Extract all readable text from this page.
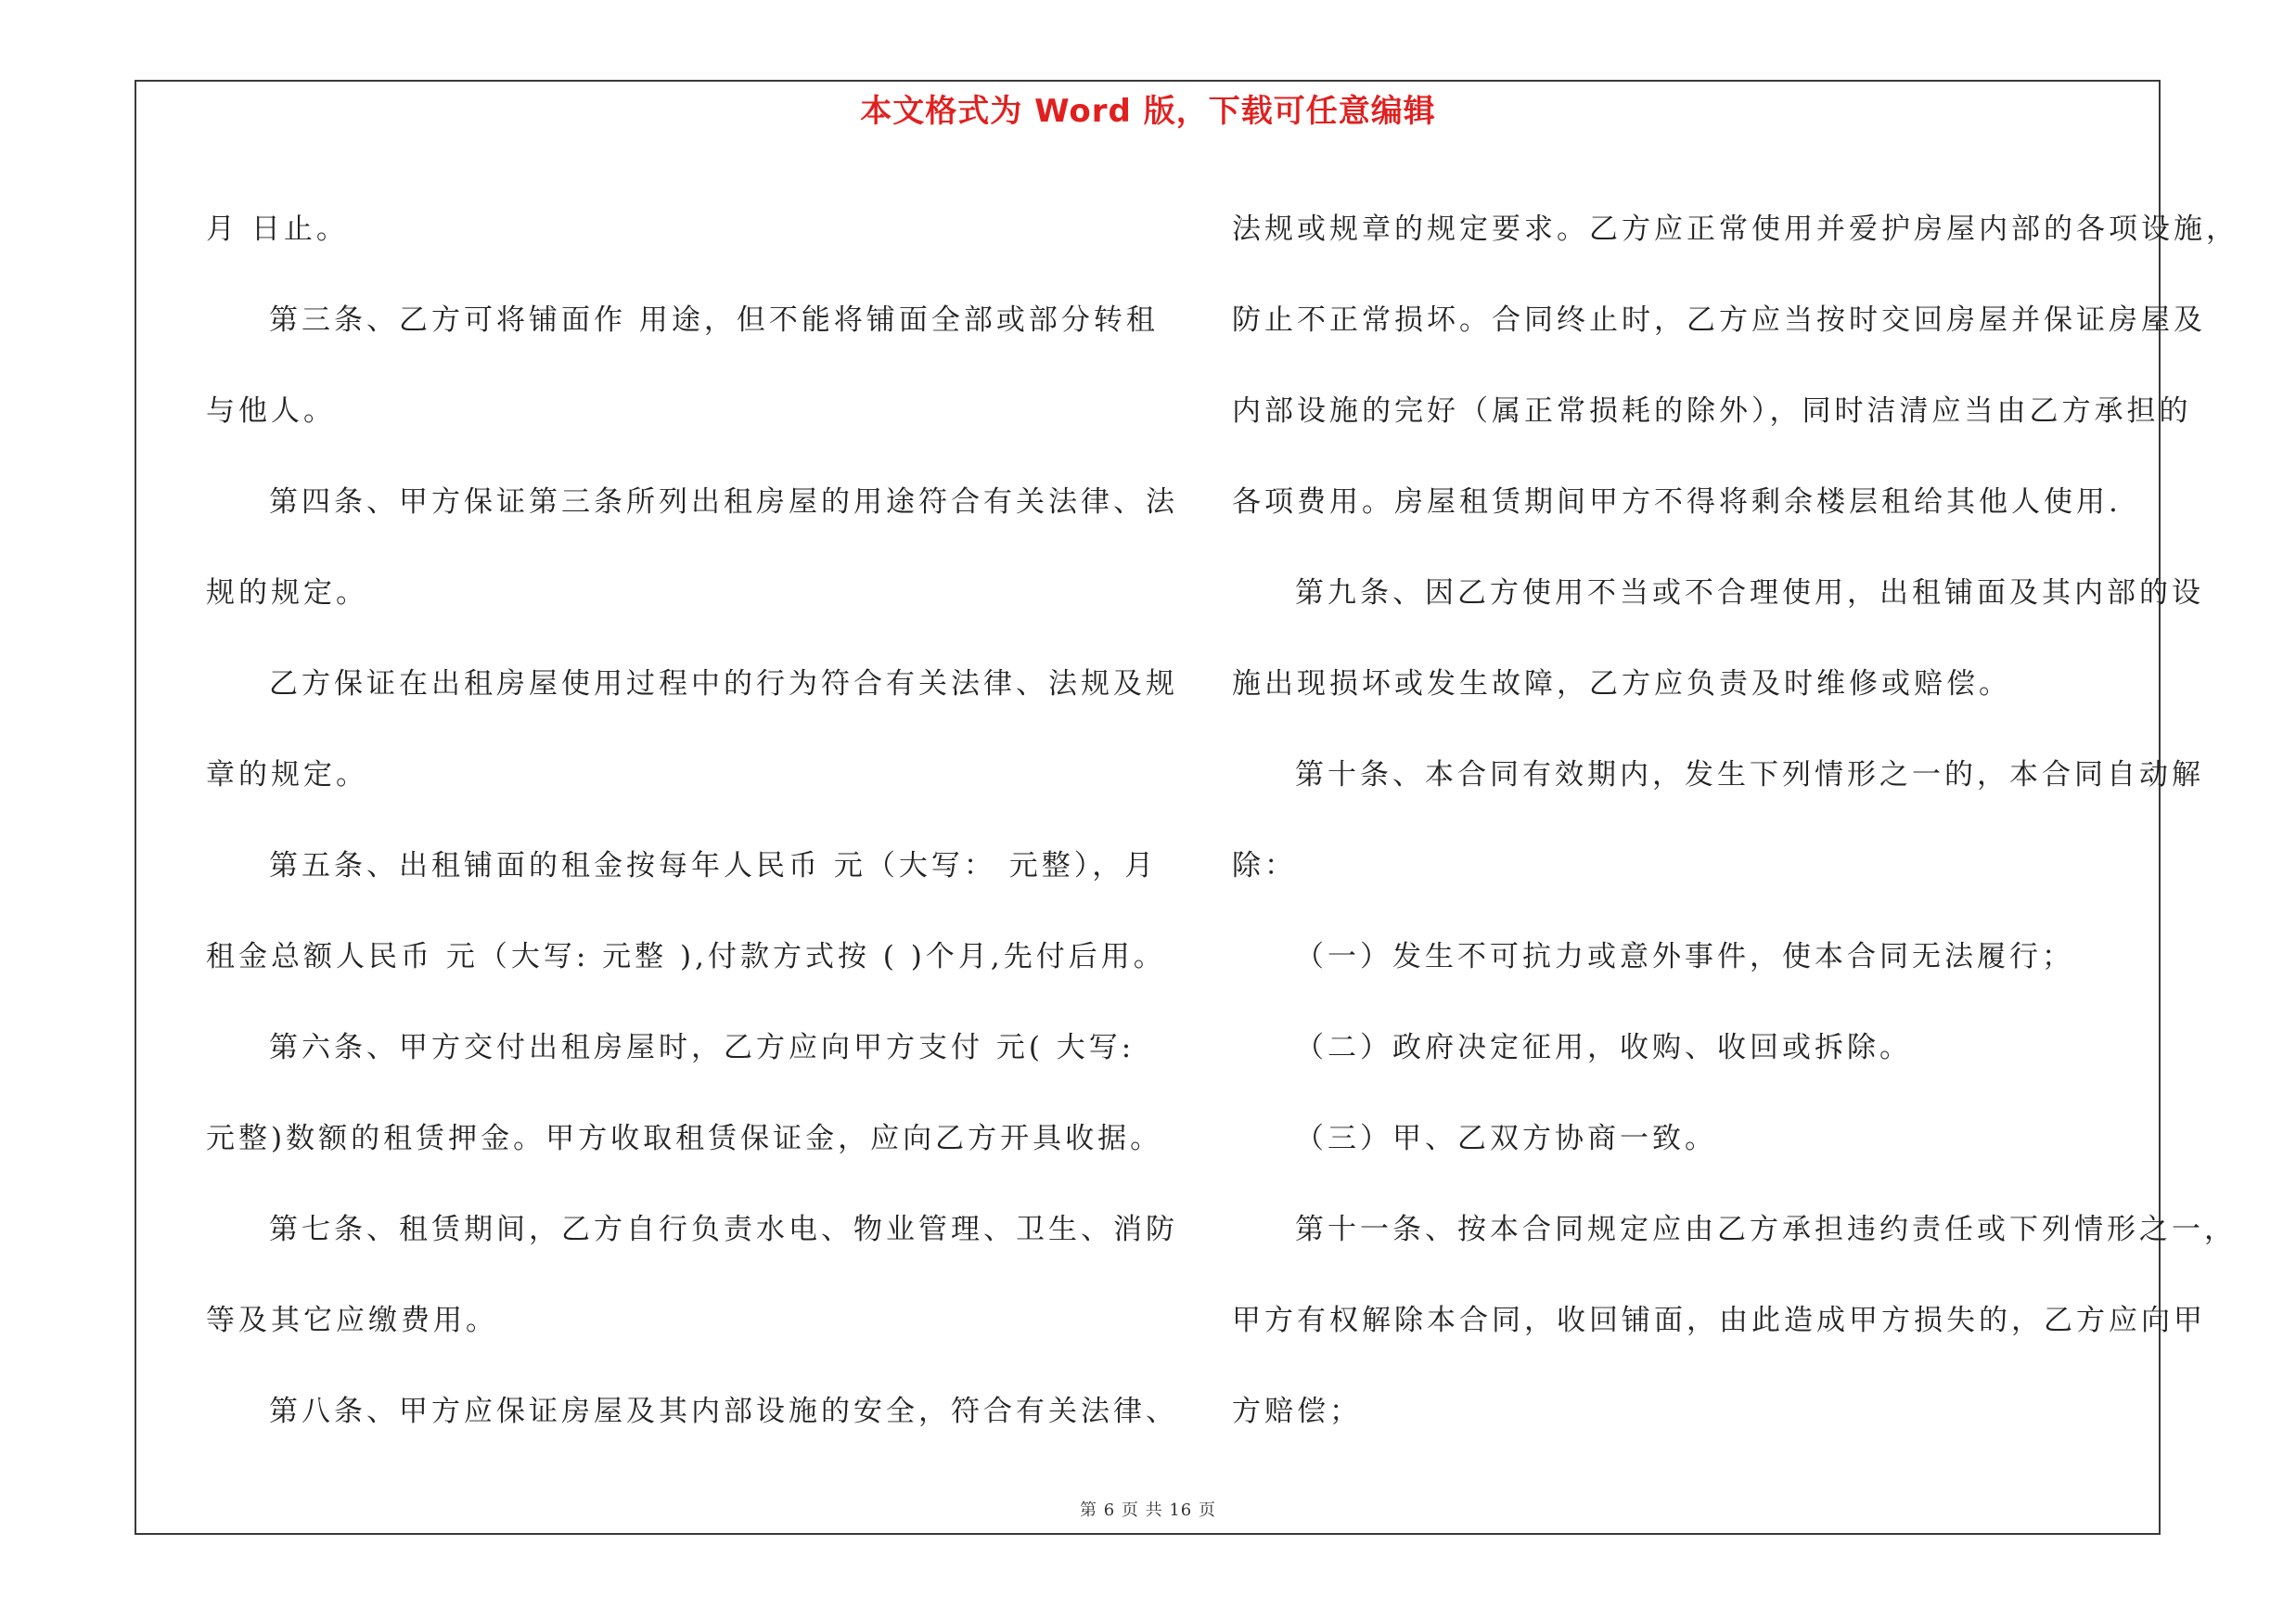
本文格式为 Word 版，下载可任意编辑

月 日止。

第三条、乙方可将铺面作 用途，但不能将铺面全部或部分转租

与他人。

第四条、甲方保证第三条所列出租房屋的用途符合有关法律、法

规的规定。

乙方保证在出租房屋使用过程中的行为符合有关法律、法规及规

章的规定。

第五条、出租铺面的租金按每年人民币 元（大写： 元整），月

租金总额人民币 元（大写: 元整 ),付款方式按 ( )个月,先付后用。

第六条、甲方交付出租房屋时，乙方应向甲方支付 元( 大写:

元整)数额的租赁押金。甲方收取租赁保证金，应向乙方开具收据。

第七条、租赁期间，乙方自行负责水电、物业管理、卫生、消防

等及其它应缴费用。

第八条、甲方应保证房屋及其内部设施的安全，符合有关法律、

法规或规章的规定要求。乙方应正常使用并爱护房屋内部的各项设施，

防止不正常损坏。合同终止时，乙方应当按时交回房屋并保证房屋及

内部设施的完好（属正常损耗的除外），同时洁清应当由乙方承担的

各项费用。房屋租赁期间甲方不得将剩余楼层租给其他人使用.

第九条、因乙方使用不当或不合理使用，出租铺面及其内部的设

施出现损坏或发生故障，乙方应负责及时维修或赔偿。

第十条、本合同有效期内，发生下列情形之一的，本合同自动解

除：

（一）发生不可抗力或意外事件，使本合同无法履行；

（二）政府决定征用，收购、收回或拆除。

（三）甲、乙双方协商一致。

第十一条、按本合同规定应由乙方承担违约责任或下列情形之一，

甲方有权解除本合同，收回铺面，由此造成甲方损失的，乙方应向甲

方赔偿；

第 6 页 共 16 页
